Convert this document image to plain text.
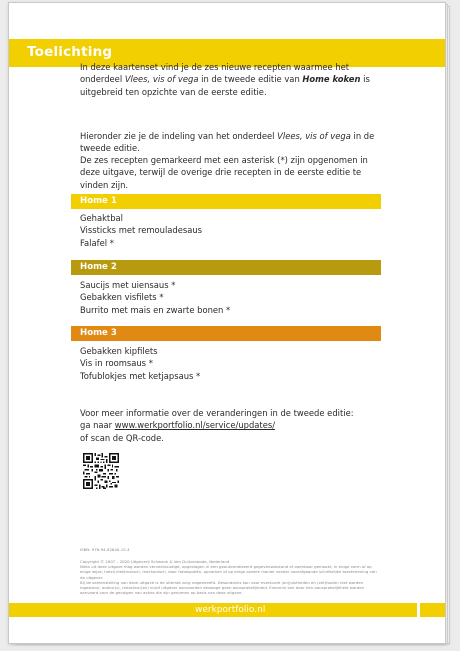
Toelichting

In deze kaartenset vind je de zes nieuwe recepten waarmee het onderdeel Vlees, vis of vega in de tweede editie van Home koken is uitgebreid ten opzichte van de eerste editie.

Hieronder zie je de indeling van het onderdeel Vlees, vis of vega in de tweede editie.

De zes recepten gemarkeerd met een asterisk (*) zijn opgenomen in deze uitgave, terwijl de overige drie recepten in de eerste editie te vinden zijn.

Home 1
Gehaktbal
Vissticks met remouladesaus
Falafel *
Home 2
Saucijs met uiensaus *
Gebakken visfilets *
Burrito met mais en zwarte bonen *
Home 3
Gebakken kipfilets
Vis in roomsaus *
Tofublokjes met ketjapsaus *
Voor meer informatie over de veranderingen in de tweede editie:
ga naar www.werkportfolio.nl/service/updates/
of scan de QR-code.
ISBN: 978-94-92640-15-4
Copyright © 2007 – 2020 Uitgeverij Schwank & Van Duijvenbode, Nederland
Niets uit deze uitgave mag worden verveelvoudigd, opgeslagen in een geautomatiseerd gegevensbestand of openbaar gemaakt, in enige vorm of op enige wijze, hetzij elektronisch, mechanisch, door fotokopieën, opnamen of op enige andere manier zonder voorafgaande schriftelijke toestemming van de uitgever.
Bij de samenstelling van deze uitgave is de uiterste zorg nagestreefd. Desondanks kan voor eventuele (on)juistheden en (zet)fouten niet worden ingestaan; auteur(s), redacteur(en) en/of uitgever aanvaarden deswege geen aansprakelijkheid. Evenmin kan door hen aansprakelijkheid worden aanvaard voor de gevolgen van acties die zijn genomen op basis van deze uitgave.
werkportfolio.nl
